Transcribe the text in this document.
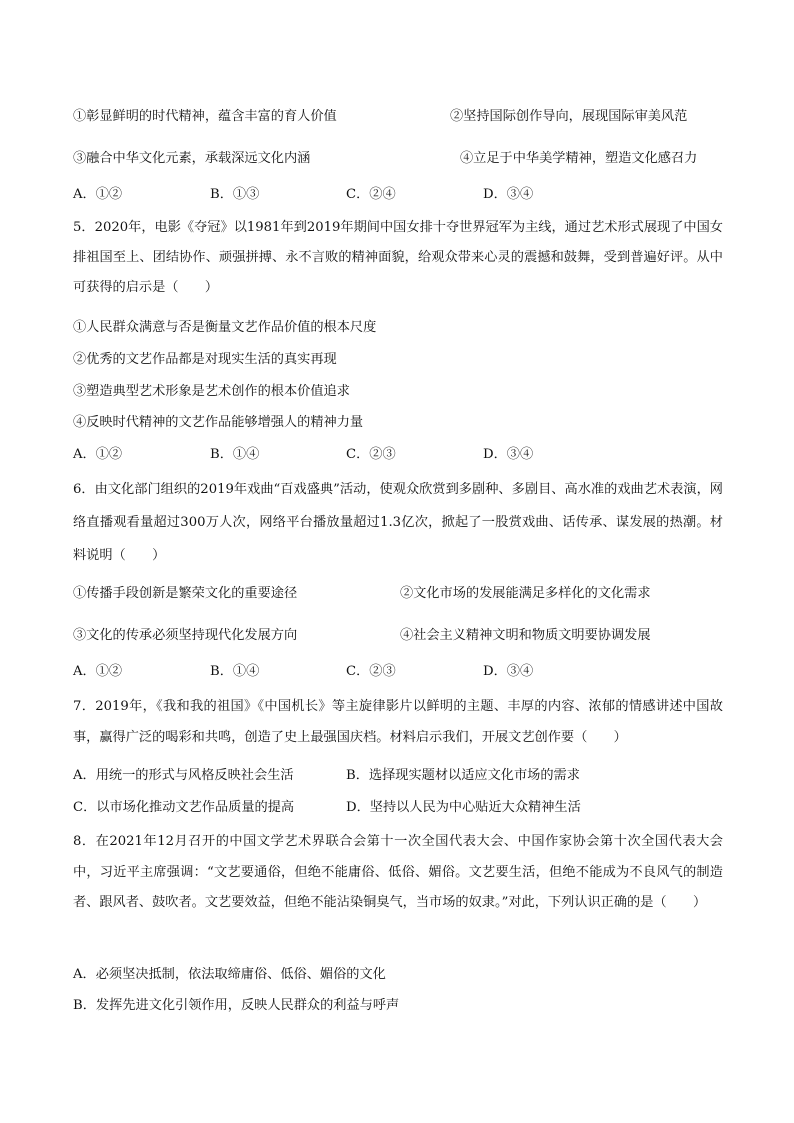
①彰显鲜明的时代精神，蕴含丰富的育人价值	②坚持国际创作导向，展现国际审美风范
③融合中华文化元素，承载深远文化内涵	④立足于中华美学精神，塑造文化感召力
A．①②	B．①③	C．②④	D．③④
5．2020年，电影《夺冠》以1981年到2019年期间中国女排十夺世界冠军为主线，通过艺术形式展现了中国女排祖国至上、团结协作、顽强拼搏、永不言败的精神面貌，给观众带来心灵的震撼和鼓舞，受到普遍好评。从中可获得的启示是（　　）
①人民群众满意与否是衡量文艺作品价值的根本尺度
②优秀的文艺作品都是对现实生活的真实再现
③塑造典型艺术形象是艺术创作的根本价值追求
④反映时代精神的文艺作品能够增强人的精神力量
A．①②	B．①④	C．②③	D．③④
6．由文化部门组织的2019年戏曲“百戏盛典”活动，使观众欣赏到多剧种、多剧目、高水准的戏曲艺术表演，网络直播观看量超过300万人次，网络平台播放量超过1.3亿次，掀起了一股赏戏曲、话传承、谋发展的热潮。材料说明（　　）
①传播手段创新是繁荣文化的重要途径	②文化市场的发展能满足多样化的文化需求
③文化的传承必须坚持现代化发展方向	④社会主义精神文明和物质文明要协调发展
A．①②	B．①④	C．②③	D．③④
7．2019年，《我和我的祖国》《中国机长》等主旋律影片以鲜明的主题、丰厚的内容、浓郁的情感讲述中国故事，赢得广泛的喝彩和共鸣，创造了史上最强国庆档。材料启示我们，开展文艺创作要（　　）
A．用统一的形式与风格反映社会生活	B．选择现实题材以适应文化市场的需求
C．以市场化推动文艺作品质量的提高	D．坚持以人民为中心贴近大众精神生活
8．在2021年12月召开的中国文学艺术界联合会第十一次全国代表大会、中国作家协会第十次全国代表大会中，习近平主席强调：“文艺要通俗，但绝不能庸俗、低俗、媚俗。文艺要生活，但绝不能成为不良风气的制造者、跟风者、鼓吹者。文艺要效益，但绝不能沾染铜臭气，当市场的奴隶。”对此，下列认识正确的是（　　）
A．必须坚决抵制，依法取缔庸俗、低俗、媚俗的文化
B．发挥先进文化引领作用，反映人民群众的利益与呼声
